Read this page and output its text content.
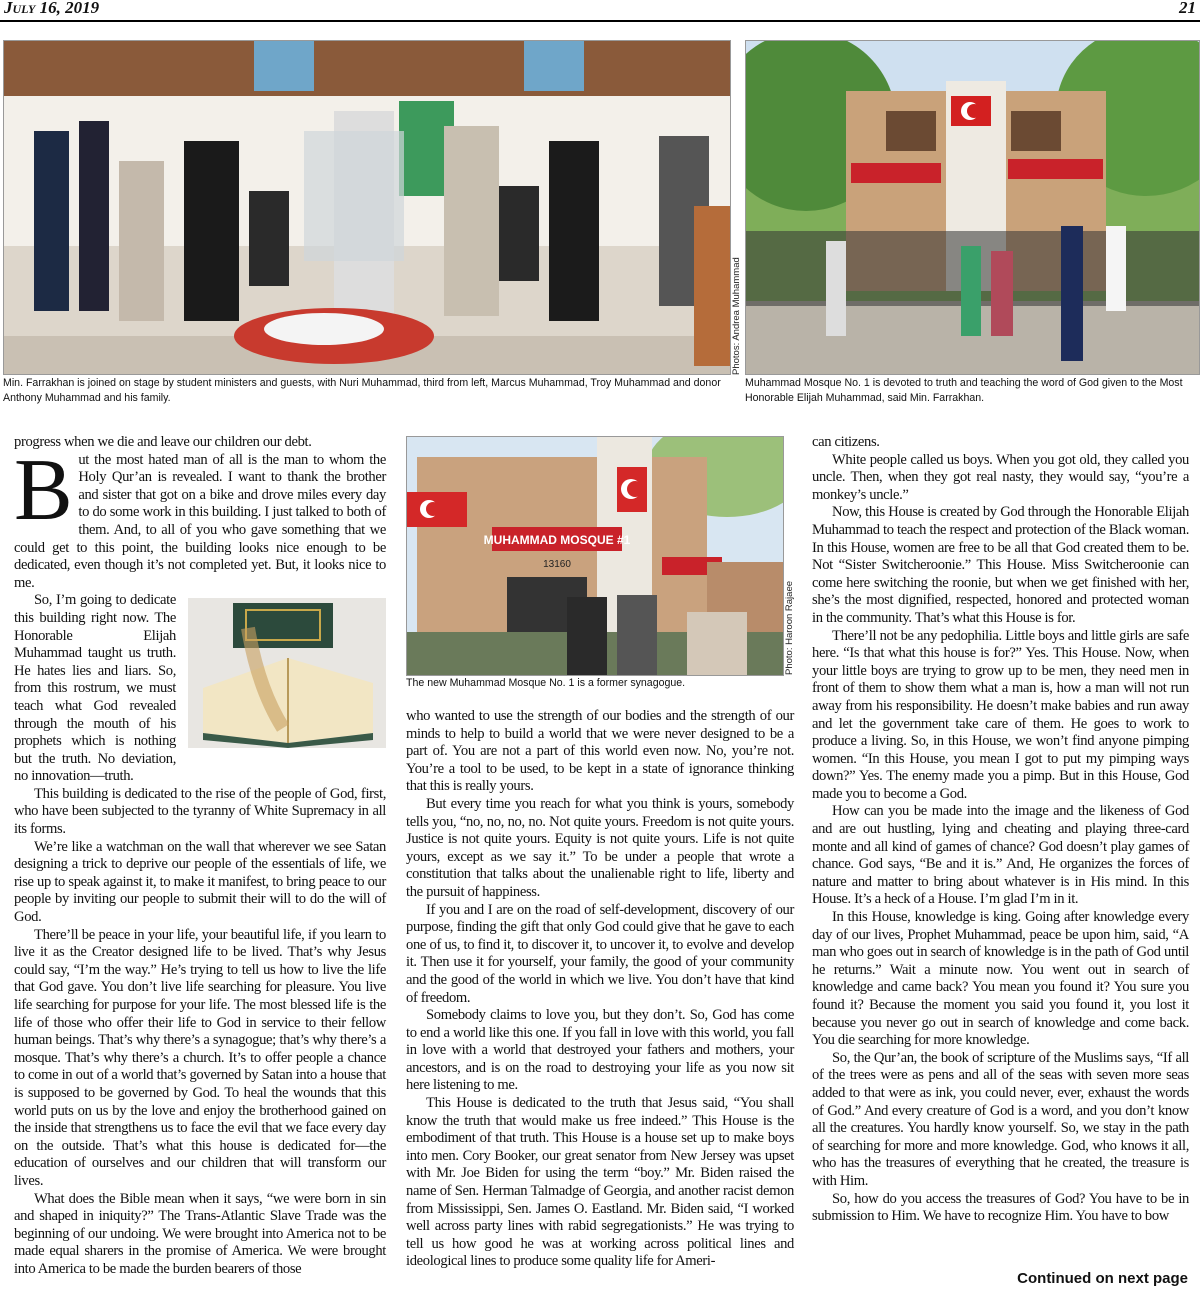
July 16, 2019	21
Photos: Andrea Muhammad
Min. Farrakhan is joined on stage by student ministers and guests, with Nuri Muhammad, third from left, Marcus Muhammad, Troy Muhammad and donor Anthony Muhammad and his family.
Muhammad Mosque No. 1 is devoted to truth and teaching the word of God given to the Most Honorable Elijah Muhammad, said Min. Farrakhan.

progress when we die and leave our children our debt.

But the most hated man of all is the man to whom the Holy Qur’an is revealed. I want to thank the brother and sister that got on a bike and drove miles every day to do some work in this building. I just talked to both of them. And, to all of you who gave something that we could get to this point, the building looks nice enough to be dedicated, even though it’s not completed yet. But, it looks nice to me.

So, I’m going to dedicate this building right now. The Honorable Elijah Muhammad taught us truth. He hates lies and liars. So, from this rostrum, we must teach what God revealed through the mouth of his prophets which is nothing but the truth. No deviation, no innovation—truth.

This building is dedicated to the rise of the people of God, first, who have been subjected to the tyranny of White Supremacy in all its forms.

We’re like a watchman on the wall that wherever we see Satan designing a trick to deprive our people of the essentials of life, we rise up to speak against it, to make it manifest, to bring peace to our people by inviting our people to submit their will to do the will of God.

There’ll be peace in your life, your beautiful life, if you learn to live it as the Creator designed life to be lived. That’s why Jesus could say, “I’m the way.” He’s trying to tell us how to live the life that God gave. You don’t live life searching for pleasure. You live life searching for purpose for your life. The most blessed life is the life of those who offer their life to God in service to their fellow human beings. That’s why there’s a synagogue; that’s why there’s a mosque. That’s why there’s a church. It’s to offer people a chance to come in out of a world that’s governed by Satan into a house that is supposed to be governed by God. To heal the wounds that this world puts on us by the love and enjoy the brotherhood gained on the inside that strengthens us to face the evil that we face every day on the outside. That’s what this house is dedicated for—the education of ourselves and our children that will transform our lives.

What does the Bible mean when it says, “we were born in sin and shaped in iniquity?” The Trans-Atlantic Slave Trade was the beginning of our undoing. We were brought into America not to be made equal sharers in the promise of America. We were brought into America to be made the burden bearers of those

MUHAMMAD MOSQUE #1
13160
Photo: Haroon Rajaee
The new Muhammad Mosque No. 1 is a former synagogue.

who wanted to use the strength of our bodies and the strength of our minds to help to build a world that we were never designed to be a part of. You are not a part of this world even now. No, you’re not. You’re a tool to be used, to be kept in a state of ignorance thinking that this is really yours.

But every time you reach for what you think is yours, somebody tells you, “no, no, no, no. Not quite yours. Freedom is not quite yours. Justice is not quite yours. Equity is not quite yours. Life is not quite yours, except as we say it.” To be under a people that wrote a constitution that talks about the unalienable right to life, liberty and the pursuit of happiness.

If you and I are on the road of self-development, discovery of our purpose, finding the gift that only God could give that he gave to each one of us, to find it, to discover it, to uncover it, to evolve and develop it. Then use it for yourself, your family, the good of your community and the good of the world in which we live. You don’t have that kind of freedom.

Somebody claims to love you, but they don’t. So, God has come to end a world like this one. If you fall in love with this world, you fall in love with a world that destroyed your fathers and mothers, your ancestors, and is on the road to destroying your life as you now sit here listening to me.

This House is dedicated to the truth that Jesus said, “You shall know the truth that would make us free indeed.” This House is the embodiment of that truth. This House is a house set up to make boys into men. Cory Booker, our great senator from New Jersey was upset with Mr. Joe Biden for using the term “boy.” Mr. Biden raised the name of Sen. Herman Talmadge of Georgia, and another racist demon from Mississippi, Sen. James O. Eastland. Mr. Biden said, “I worked well across party lines with rabid segregationists.” He was trying to tell us how good he was at working across political lines and ideological lines to produce some quality life for Ameri-

can citizens.

White people called us boys. When you got old, they called you uncle. Then, when they got real nasty, they would say, “you’re a monkey’s uncle.”

Now, this House is created by God through the Honorable Elijah Muhammad to teach the respect and protection of the Black woman. In this House, women are free to be all that God created them to be. Not “Sister Switcheroonie.” This House. Miss Switcheroonie can come here switching the roonie, but when we get finished with her, she’s the most dignified, respected, honored and protected woman in the community. That’s what this House is for.

There’ll not be any pedophilia. Little boys and little girls are safe here. “Is that what this house is for?” Yes. This House. Now, when your little boys are trying to grow up to be men, they need men in front of them to show them what a man is, how a man will not run away from his responsibility. He doesn’t make babies and run away and let the government take care of them. He goes to work to produce a living. So, in this House, we won’t find anyone pimping women. “In this House, you mean I got to put my pimping ways down?” Yes. The enemy made you a pimp. But in this House, God made you to become a God.

How can you be made into the image and the likeness of God and are out hustling, lying and cheating and playing three-card monte and all kind of games of chance? God doesn’t play games of chance. God says, “Be and it is.” And, He organizes the forces of nature and matter to bring about whatever is in His mind. In this House. It’s a heck of a House. I’m glad I’m in it.

In this House, knowledge is king. Going after knowledge every day of our lives, Prophet Muhammad, peace be upon him, said, “A man who goes out in search of knowledge is in the path of God until he returns.” Wait a minute now. You went out in search of knowledge and came back? You mean you found it? You sure you found it? Because the moment you said you found it, you lost it because you never go out in search of knowledge and come back. You die searching for more knowledge.

So, the Qur’an, the book of scripture of the Muslims says, “If all of the trees were as pens and all of the seas with seven more seas added to that were as ink, you could never, ever, exhaust the words of God.” And every creature of God is a word, and you don’t know all the creatures. You hardly know yourself. So, we stay in the path of searching for more and more knowledge. God, who knows it all, who has the treasures of everything that he created, the treasure is with Him.

So, how do you access the treasures of God? You have to be in submission to Him. We have to recognize Him. You have to bow

Continued on next page
